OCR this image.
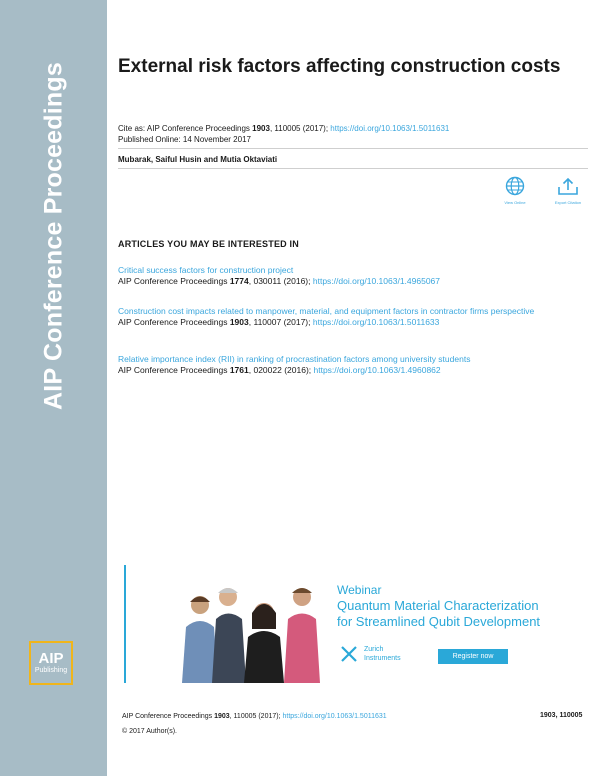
AIP Conference Proceedings
AIP
Publishing
External risk factors affecting construction costs
Cite as: AIP Conference Proceedings 1903, 110005 (2017); https://doi.org/10.1063/1.5011631
Published Online: 14 November 2017
Mubarak, Saiful Husin and Mutia Oktaviati
View Online	Export Citation
ARTICLES YOU MAY BE INTERESTED IN
Critical success factors for construction project
AIP Conference Proceedings 1774, 030011 (2016); https://doi.org/10.1063/1.4965067
Construction cost impacts related to manpower, material, and equipment factors in contractor firms perspective
AIP Conference Proceedings 1903, 110007 (2017); https://doi.org/10.1063/1.5011633
Relative importance index (RII) in ranking of procrastination factors among university students
AIP Conference Proceedings 1761, 020022 (2016); https://doi.org/10.1063/1.4960862
Webinar
Quantum Material Characterization
for Streamlined Qubit Development
Zurich
Instruments	Register now
AIP Conference Proceedings 1903, 110005 (2017); https://doi.org/10.1063/1.5011631	1903, 110005
© 2017 Author(s).
